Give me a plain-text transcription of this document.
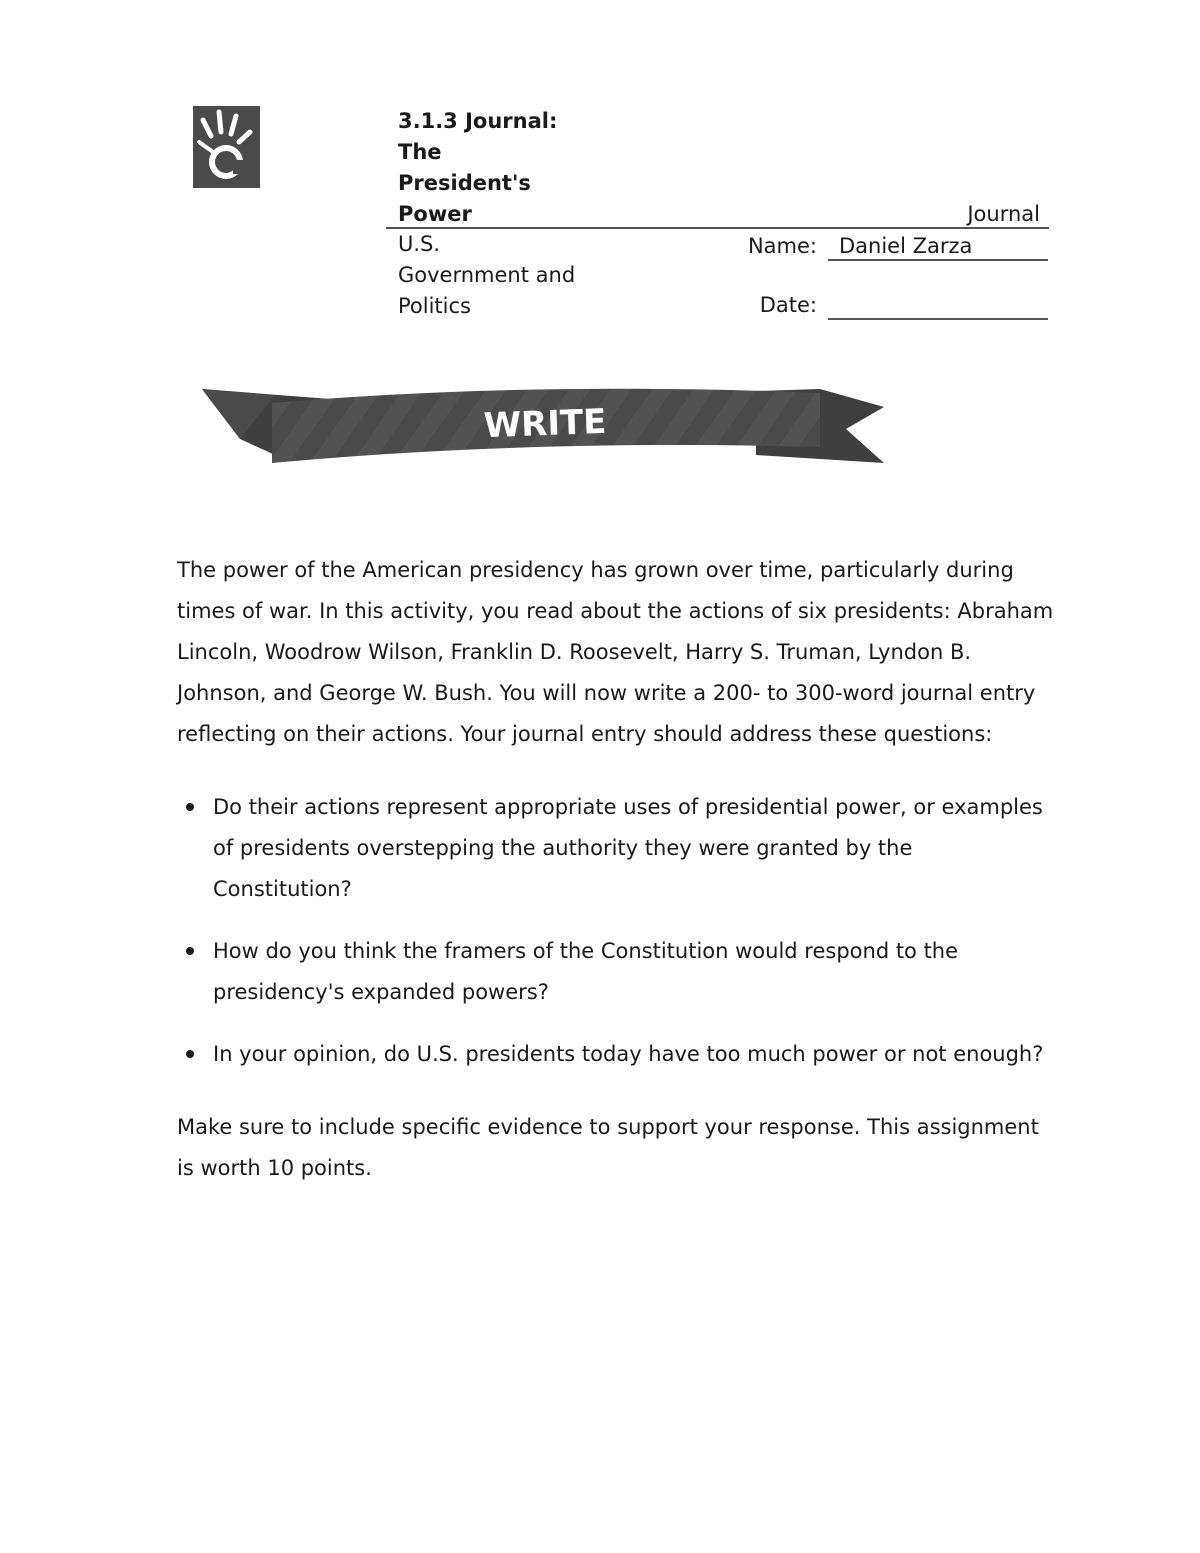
3.1.3 Journal:
The
President's
Power	Journal
U.S.
Government and
Politics
Name:	Daniel Zarza
Date:
WRITE

The power of the American presidency has grown over time, particularly during times of war. In this activity, you read about the actions of six presidents: Abraham Lincoln, Woodrow Wilson, Franklin D. Roosevelt, Harry S. Truman, Lyndon B. Johnson, and George W. Bush. You will now write a 200- to 300-word journal entry reflecting on their actions. Your journal entry should address these questions:

Do their actions represent appropriate uses of presidential power, or examples of presidents overstepping the authority they were granted by the Constitution?
How do you think the framers of the Constitution would respond to the presidency's expanded powers?
In your opinion, do U.S. presidents today have too much power or not enough?

Make sure to include specific evidence to support your response. This assignment is worth 10 points.
